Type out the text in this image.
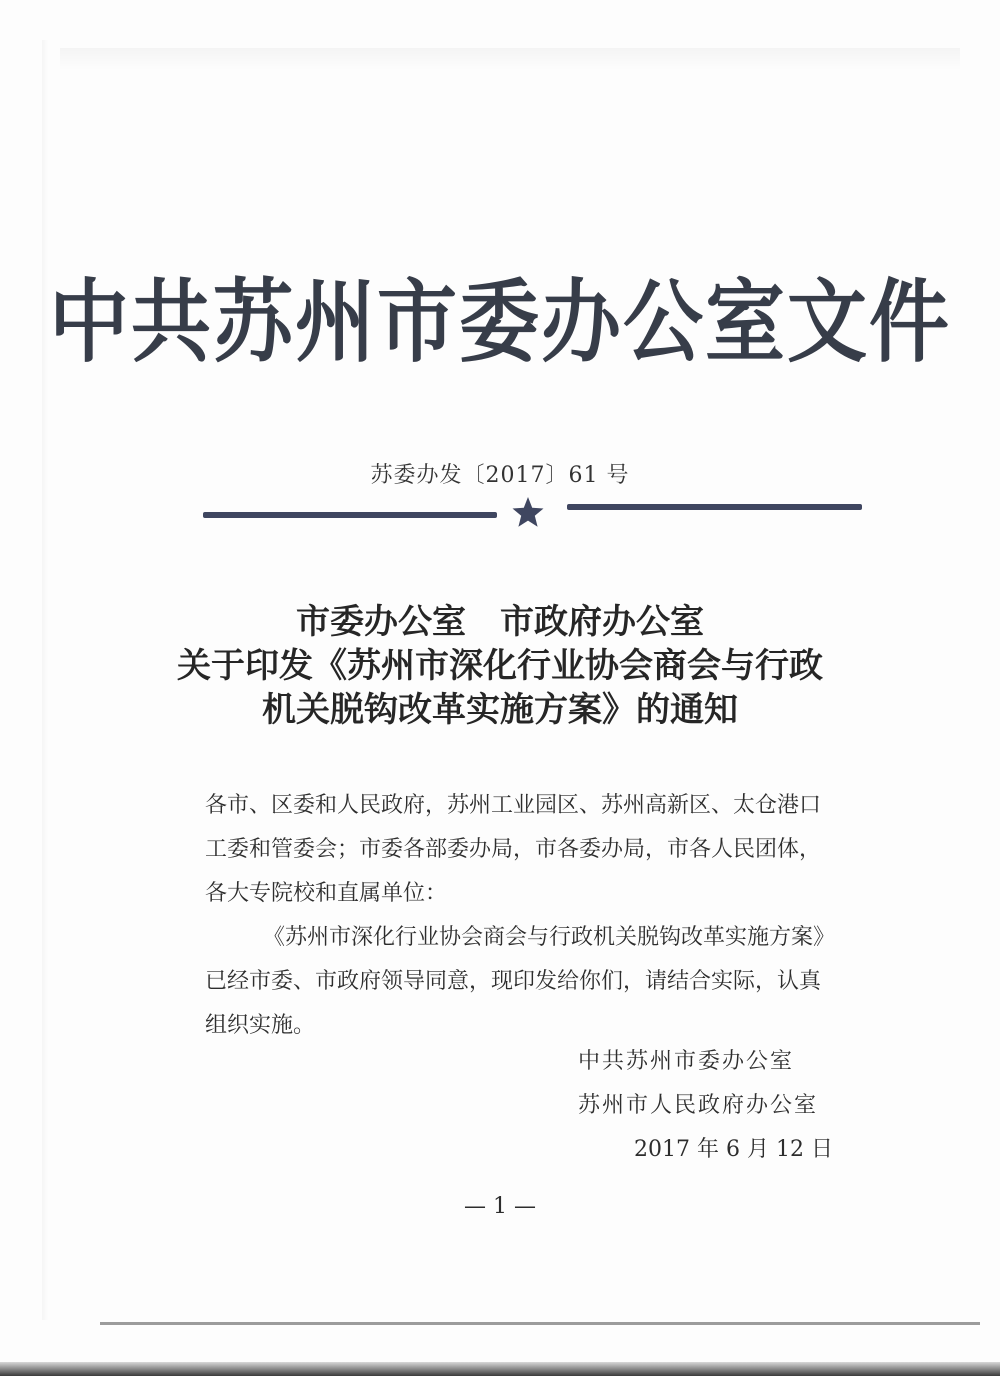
中共苏州市委办公室文件
苏委办发〔2017〕61 号
市委办公室　市政府办公室
关于印发《苏州市深化行业协会商会与行政
机关脱钩改革实施方案》的通知
各市、区委和人民政府，苏州工业园区、苏州高新区、太仓港口
工委和管委会；市委各部委办局，市各委办局，市各人民团体，
各大专院校和直属单位：
《苏州市深化行业协会商会与行政机关脱钩改革实施方案》
已经市委、市政府领导同意，现印发给你们，请结合实际，认真
组织实施。
中共苏州市委办公室
苏州市人民政府办公室
2017 年 6 月 12 日
— 1 —
